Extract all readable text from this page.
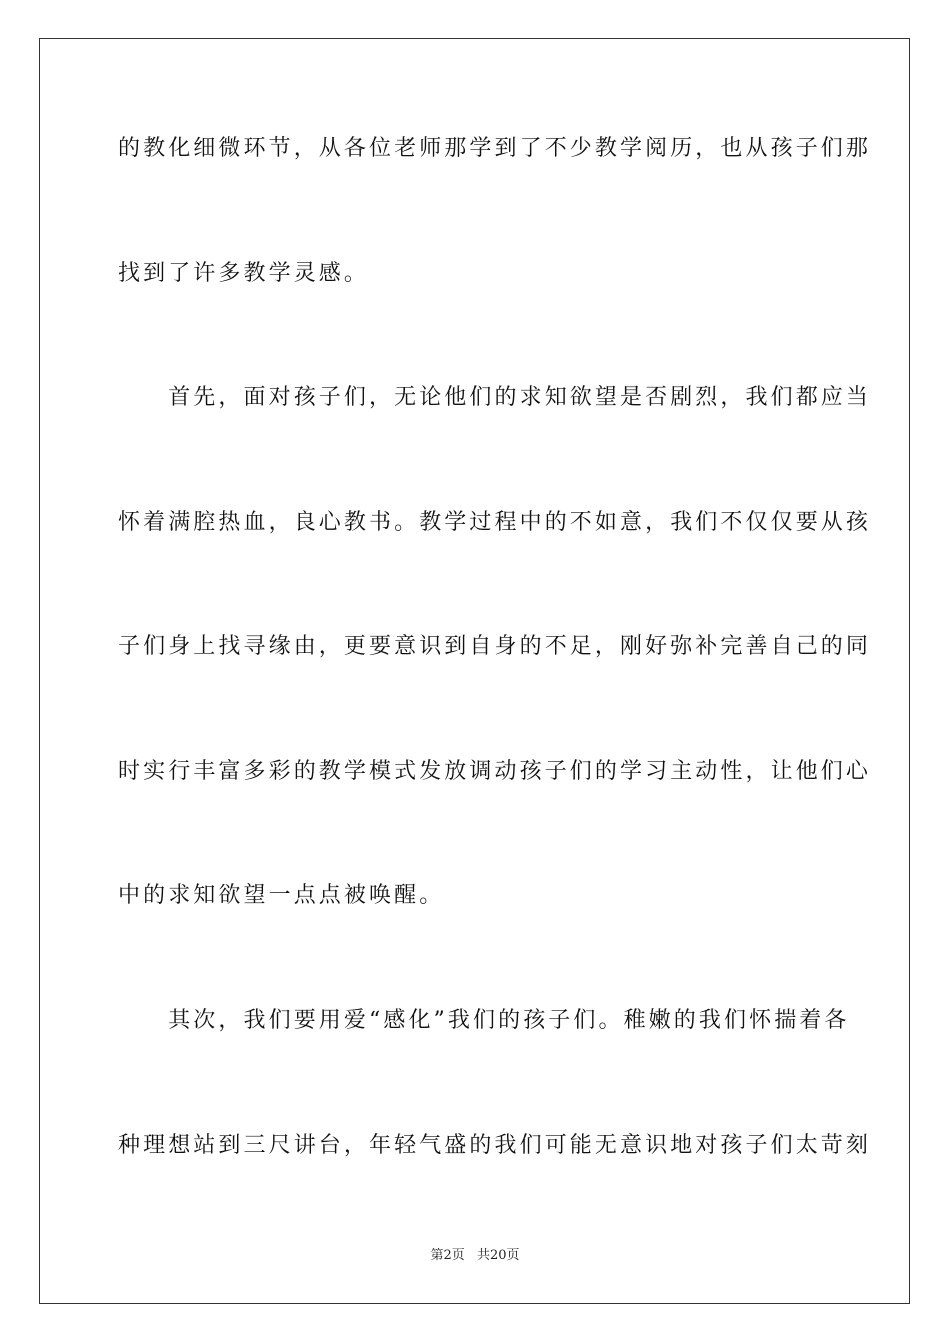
的教化细微环节，从各位老师那学到了不少教学阅历，也从孩子们那
找到了许多教学灵感。
　　首先，面对孩子们，无论他们的求知欲望是否剧烈，我们都应当
怀着满腔热血，良心教书。教学过程中的不如意，我们不仅仅要从孩
子们身上找寻缘由，更要意识到自身的不足，刚好弥补完善自己的同
时实行丰富多彩的教学模式发放调动孩子们的学习主动性，让他们心
中的求知欲望一点点被唤醒。
　　其次，我们要用爱“感化”我们的孩子们。稚嫩的我们怀揣着各
种理想站到三尺讲台，年轻气盛的我们可能无意识地对孩子们太苛刻
第2页 共20页
